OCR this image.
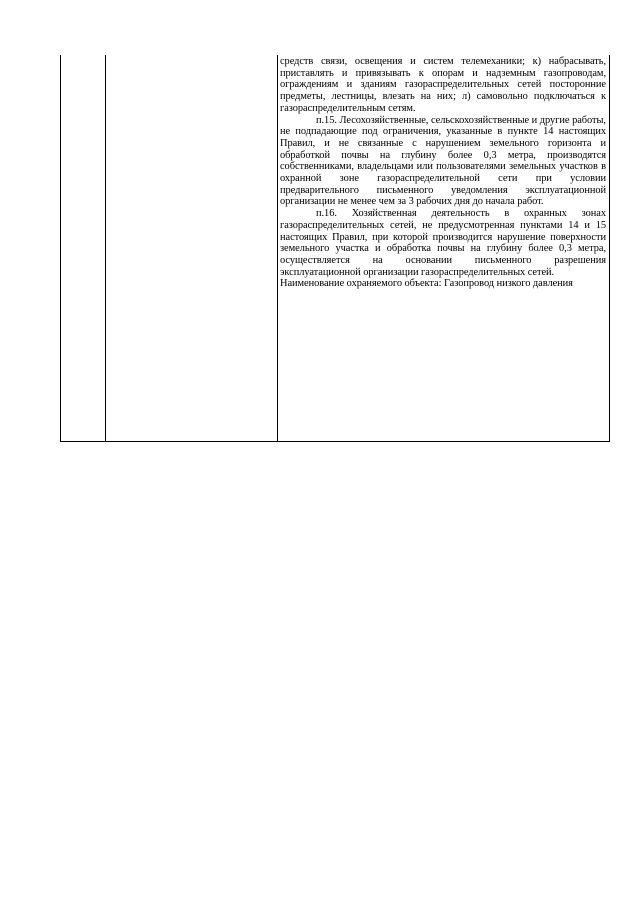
средств связи, освещения и систем телемеханики; к) набрасывать, приставлять и привязывать к опорам и надземным газопроводам, ограждениям и зданиям газораспределительных сетей посторонние предметы, лестницы, влезать на них; л) самовольно подключаться к газораспределительным сетям.

п.15. Лесохозяйственные, сельскохозяйственные и другие работы, не подпадающие под ограничения, указанные в пункте 14 настоящих Правил, и не связанные с нарушением земельного горизонта и обработкой почвы на глубину более 0,3 метра, производятся собственниками, владельцами или пользователями земельных участков в охранной зоне газораспределительной сети при условии предварительного письменного уведомления эксплуатационной организации не менее чем за 3 рабочих дня до начала работ.

п.16. Хозяйственная деятельность в охранных зонах газораспределительных сетей, не предусмотренная пунктами 14 и 15 настоящих Правил, при которой производится нарушение поверхности земельного участка и обработка почвы на глубину более 0,3 метра, осуществляется на основании письменного разрешения эксплуатационной организации газораспределительных сетей.

Наименование охраняемого объекта: Газопровод низкого давления
